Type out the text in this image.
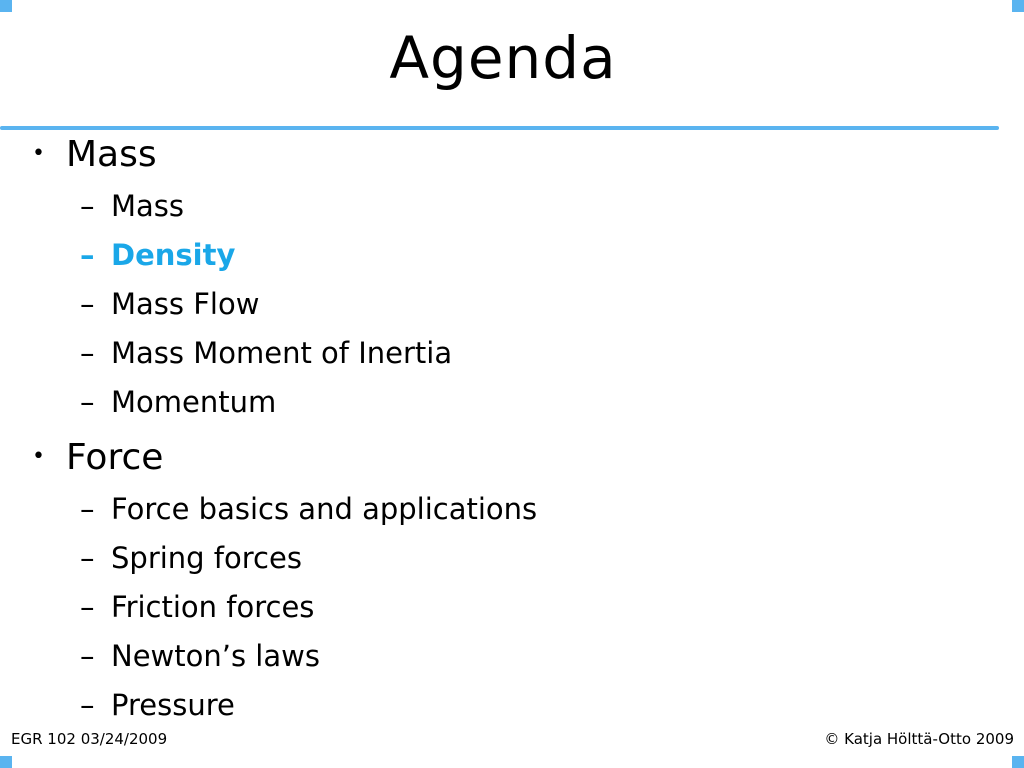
Agenda
• Mass
– Mass
– Density
– Mass Flow
– Mass Moment of Inertia
– Momentum
• Force
– Force basics and applications
– Spring forces
– Friction forces
– Newton’s laws
– Pressure
EGR 102 03/24/2009	© Katja Hölttä-Otto 2009
